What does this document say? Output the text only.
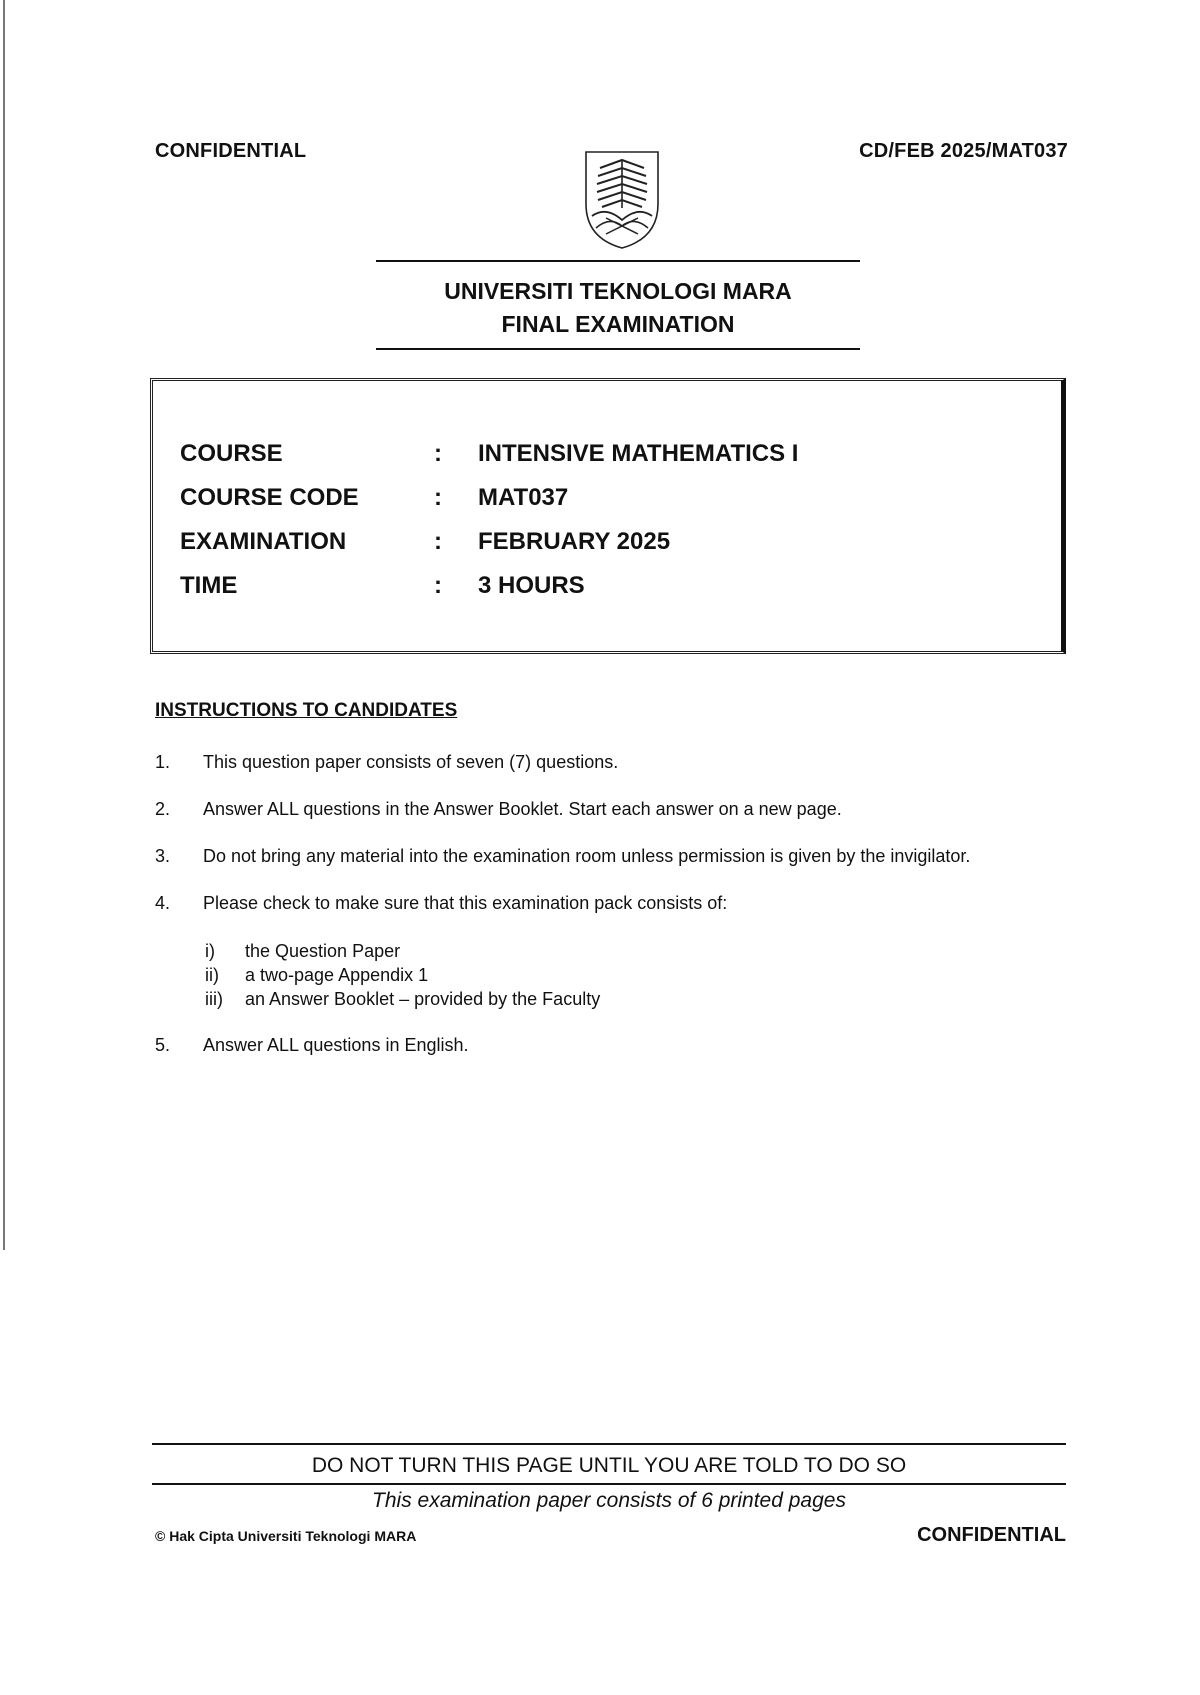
CONFIDENTIAL	CD/FEB 2025/MAT037
UNIVERSITI TEKNOLOGI MARA
FINAL EXAMINATION
COURSE	: INTENSIVE MATHEMATICS I
COURSE CODE	: MAT037
EXAMINATION	: FEBRUARY 2025
TIME	: 3 HOURS
INSTRUCTIONS TO CANDIDATES
1. This question paper consists of seven (7) questions.
2. Answer ALL questions in the Answer Booklet. Start each answer on a new page.
3. Do not bring any material into the examination room unless permission is given by the invigilator.
4. Please check to make sure that this examination pack consists of:
i) the Question Paper
ii) a two-page Appendix 1
iii) an Answer Booklet – provided by the Faculty
5. Answer ALL questions in English.
DO NOT TURN THIS PAGE UNTIL YOU ARE TOLD TO DO SO
This examination paper consists of 6 printed pages
© Hak Cipta Universiti Teknologi MARA	CONFIDENTIAL
